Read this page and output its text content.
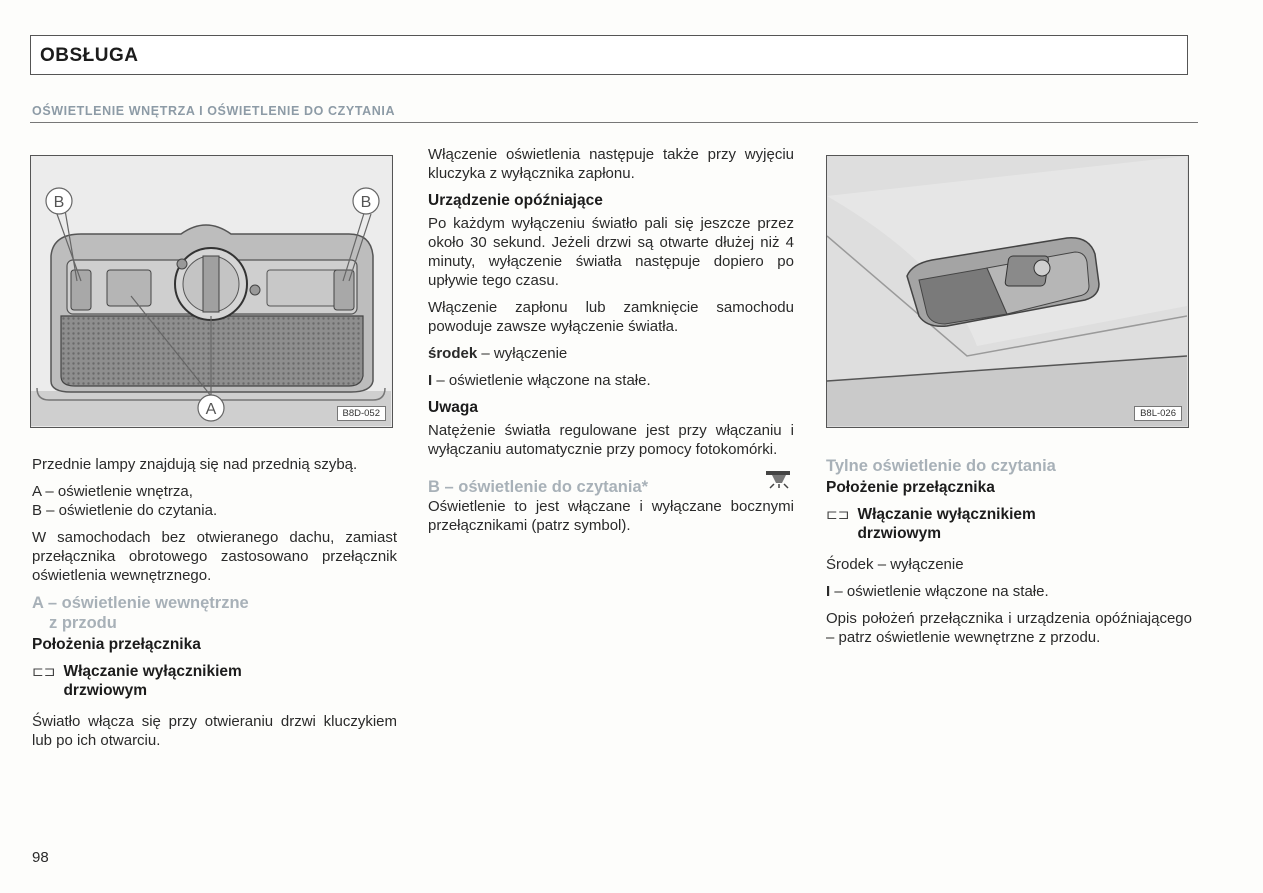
OBSŁUGA
OŚWIETLENIE WNĘTRZA I OŚWIETLENIE DO CZYTANIA
B	B
A	B8D-052	B8L-026

Przednie lampy znajdują się nad przednią szybą.

A – oświetlenie wnętrza,

B – oświetlenie do czytania.

W samochodach bez otwieranego dachu, zamiast przełącznika obrotowego zastosowano przełącznik oświetlenia wewnętrznego.

A – oświetlenie wewnętrzne
z przodu
Położenia przełącznika
⊏⊐ Włączanie wyłącznikiem
drzwiowym

Światło włącza się przy otwieraniu drzwi kluczykiem lub po ich otwarciu.

Włączenie oświetlenia następuje także przy wyjęciu kluczyka z wyłącznika zapłonu.

Urządzenie opóźniające

Po każdym wyłączeniu światło pali się jeszcze przez około 30 sekund. Jeżeli drzwi są otwarte dłużej niż 4 minuty, wyłączenie światła następuje dopiero po upływie tego czasu.

Włączenie zapłonu lub zamknięcie samochodu powoduje zawsze wyłączenie światła.

środek – wyłączenie

I – oświetlenie włączone na stałe.

Uwaga

Natężenie światła regulowane jest przy włączaniu i wyłączaniu automatycznie przy pomocy fotokomórki.

B – oświetlenie do czytania*

Oświetlenie to jest włączane i wyłączane bocznymi przełącznikami (patrz symbol).

Tylne oświetlenie do czytania
Położenie przełącznika
⊏⊐ Włączanie wyłącznikiem
drzwiowym

Środek – wyłączenie

I – oświetlenie włączone na stałe.

Opis położeń przełącznika i urządzenia opóźniającego – patrz oświetlenie wewnętrzne z przodu.

98
